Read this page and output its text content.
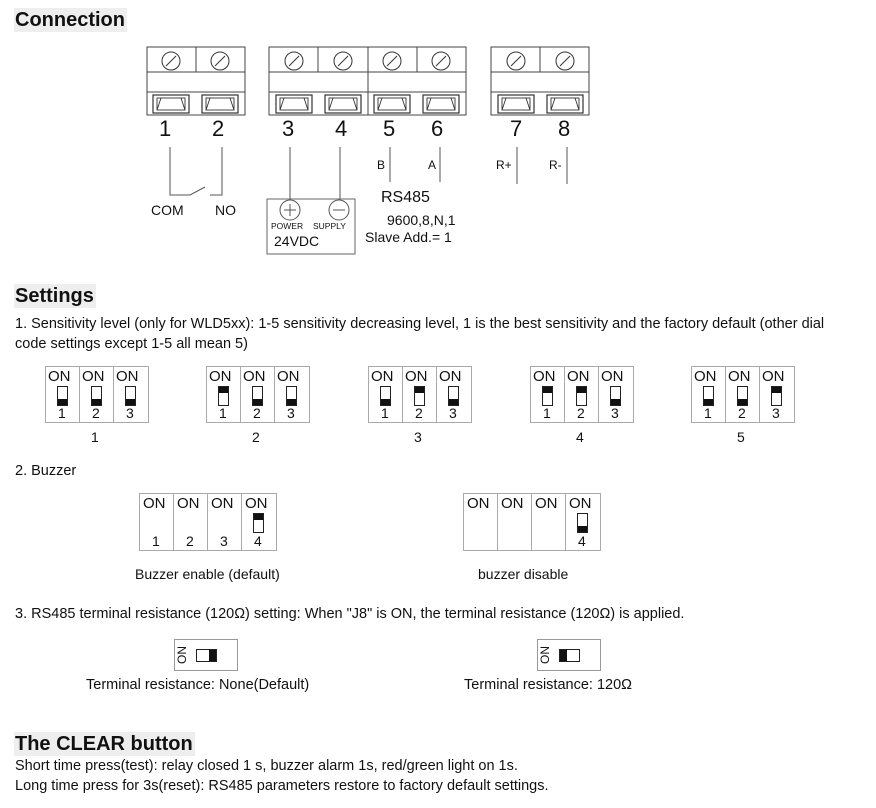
Connection
Settings
1. Sensitivity level (only for WLD5xx): 1-5 sensitivity decreasing level, 1 is the best sensitivity and the factory default (other dial
code settings except 1-5 all mean 5)
2. Buzzer
3. RS485 terminal resistance (120Ω) setting: When "J8" is ON, the terminal resistance (120Ω) is applied.
The CLEAR button
Short time press(test): relay closed 1 s, buzzer alarm 1s, red/green light on 1s.
Long time press for 3s(reset): RS485 parameters restore to factory default settings.
1 2	3 4 5 6	7 8
COM NO
POWER SUPPLY
24VDC
B	A
RS485
9600,8,N,1
Slave Add.= 1
R+	R-
ON
1
ON
2
ON
3
1
ON
1
ON
2
ON
3
2
ON
1
ON
2
ON
3
3
ON
1
ON
2
ON
3
4
ON
1
ON
2
ON
3
5
ON
1
ON
2
ON
3
ON
4
ON ON ON ON
4
Buzzer enable (default)	buzzer disable
ON	ON
Terminal resistance: None(Default)	Terminal resistance: 120Ω
